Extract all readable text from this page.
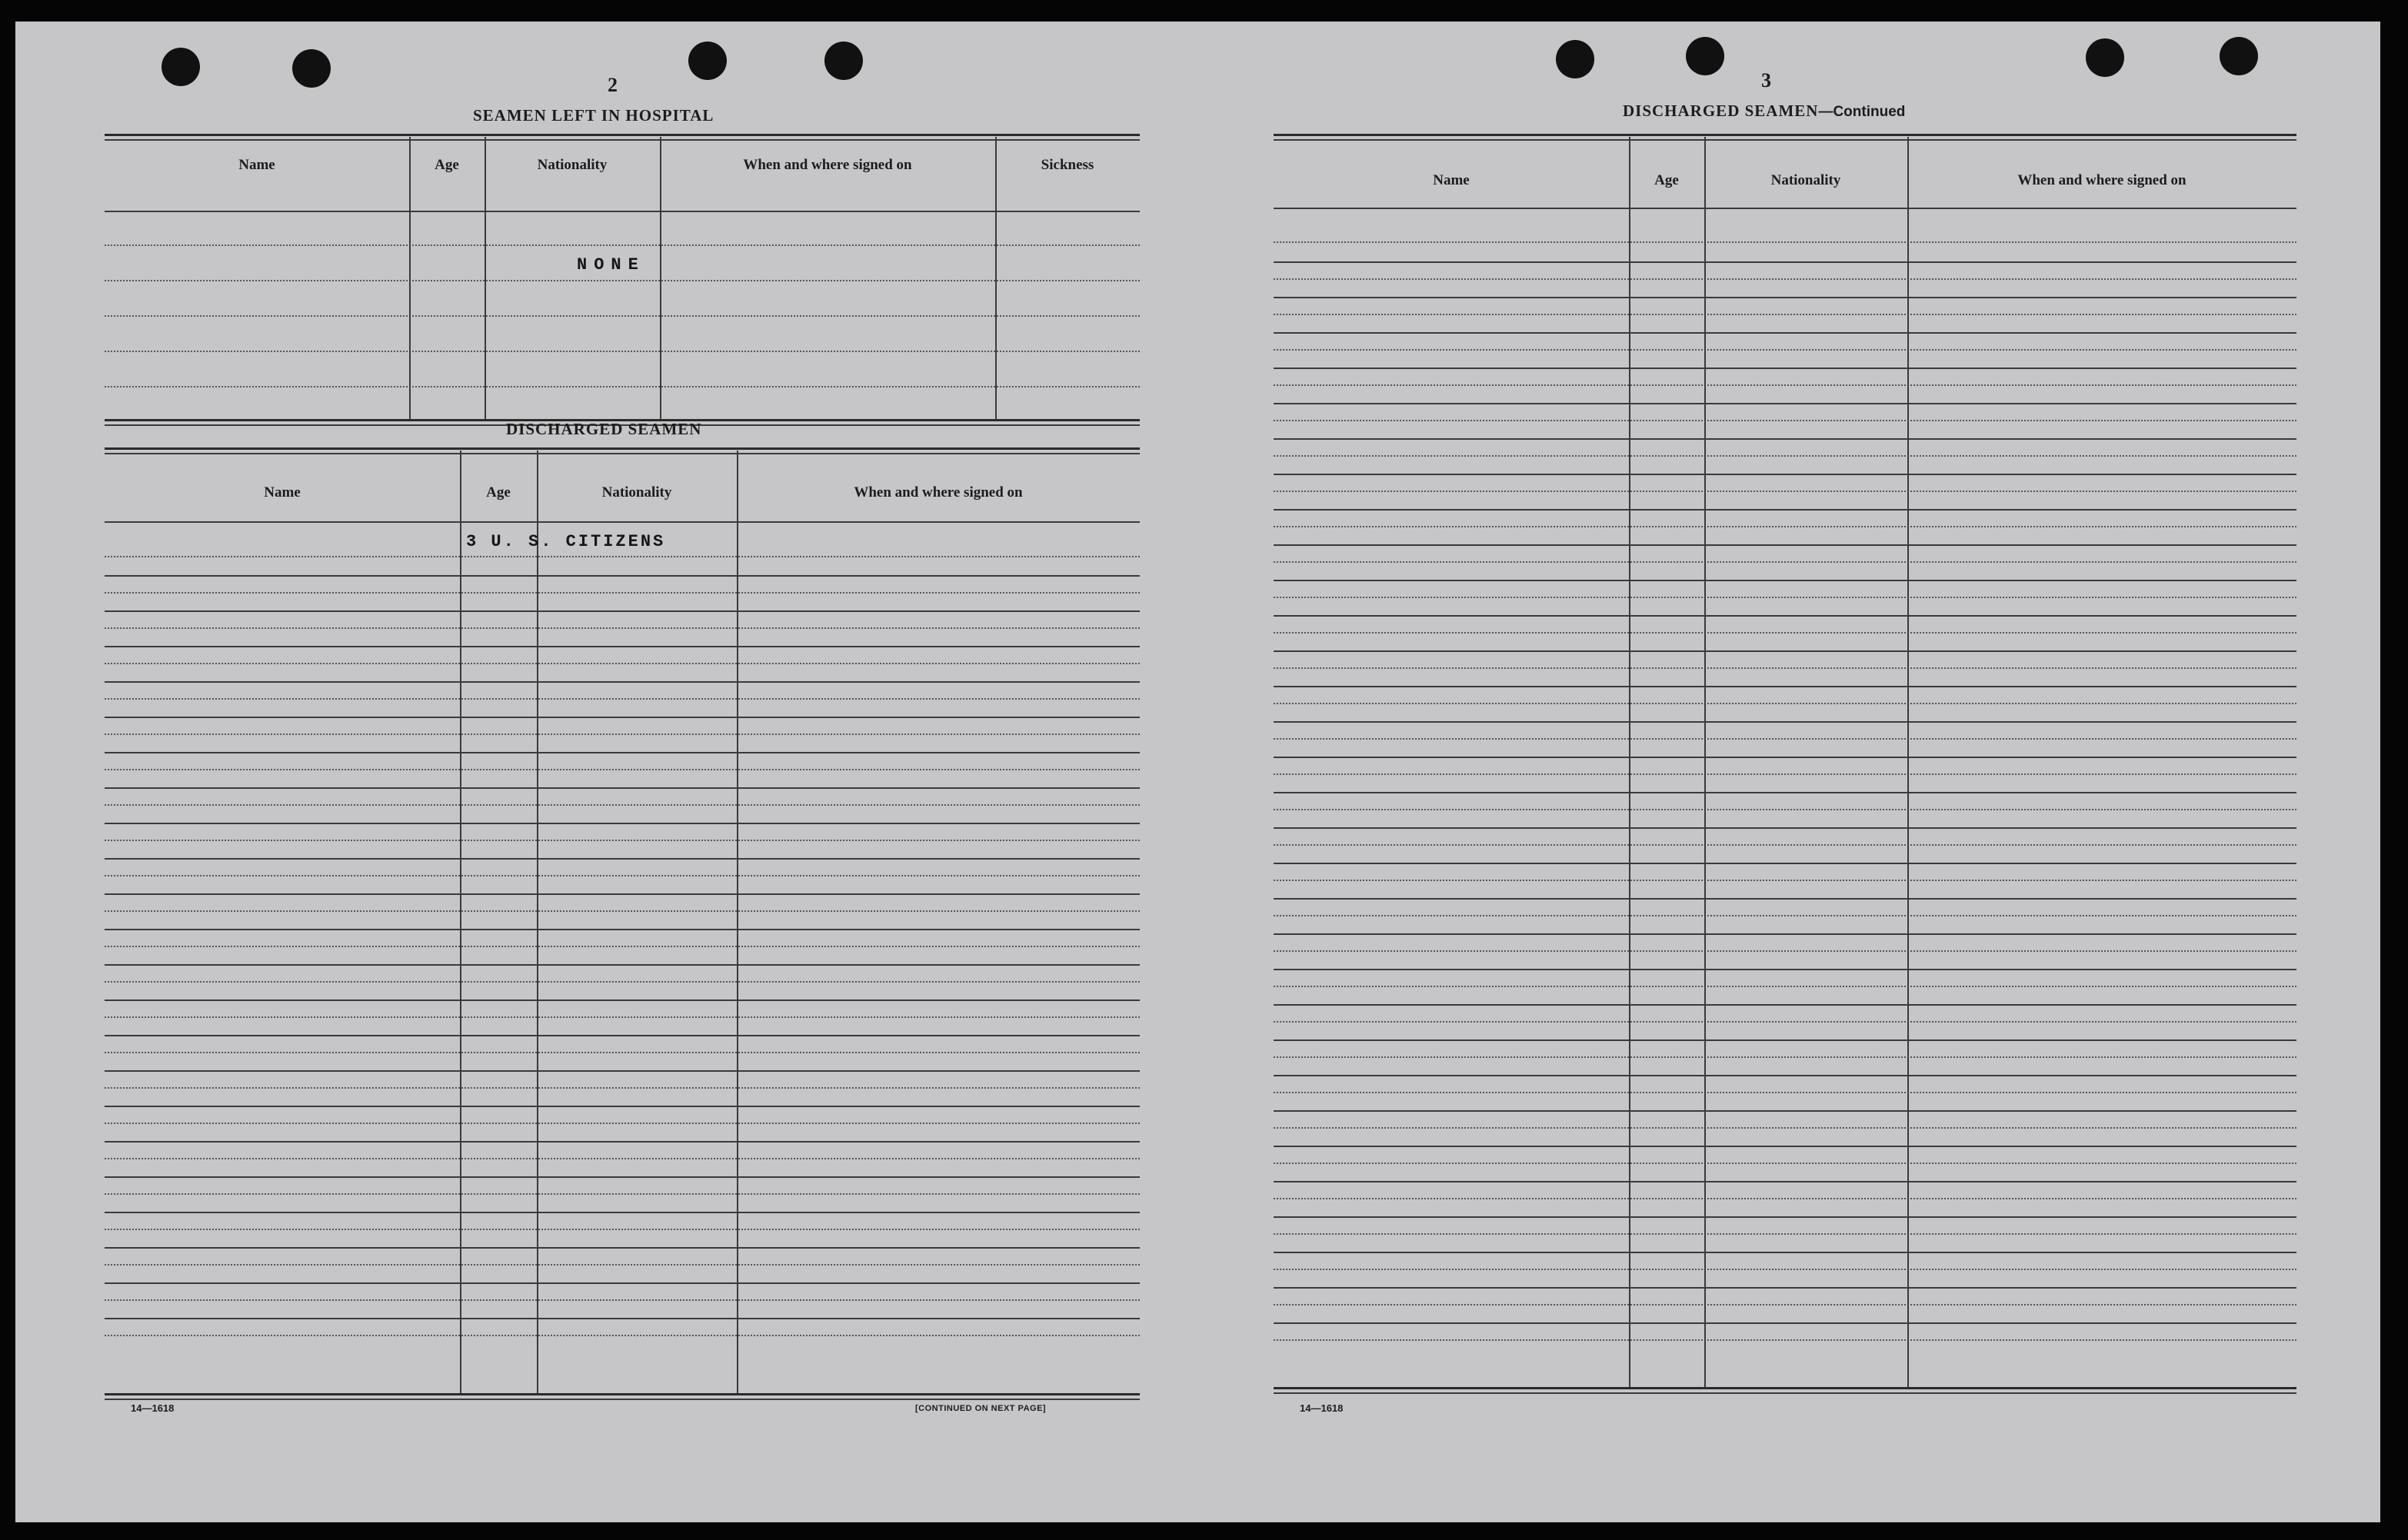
2
SEAMEN LEFT IN HOSPITAL
Name	Age	Nationality	When and where signed on	Sickness
NONE
DISCHARGED SEAMEN
Name	Age	Nationality	When and where signed on
3 U. S. CITIZENS
14—1618	[CONTINUED ON NEXT PAGE]
3
DISCHARGED SEAMEN—Continued
Name	Age	Nationality	When and where signed on
14—1618
